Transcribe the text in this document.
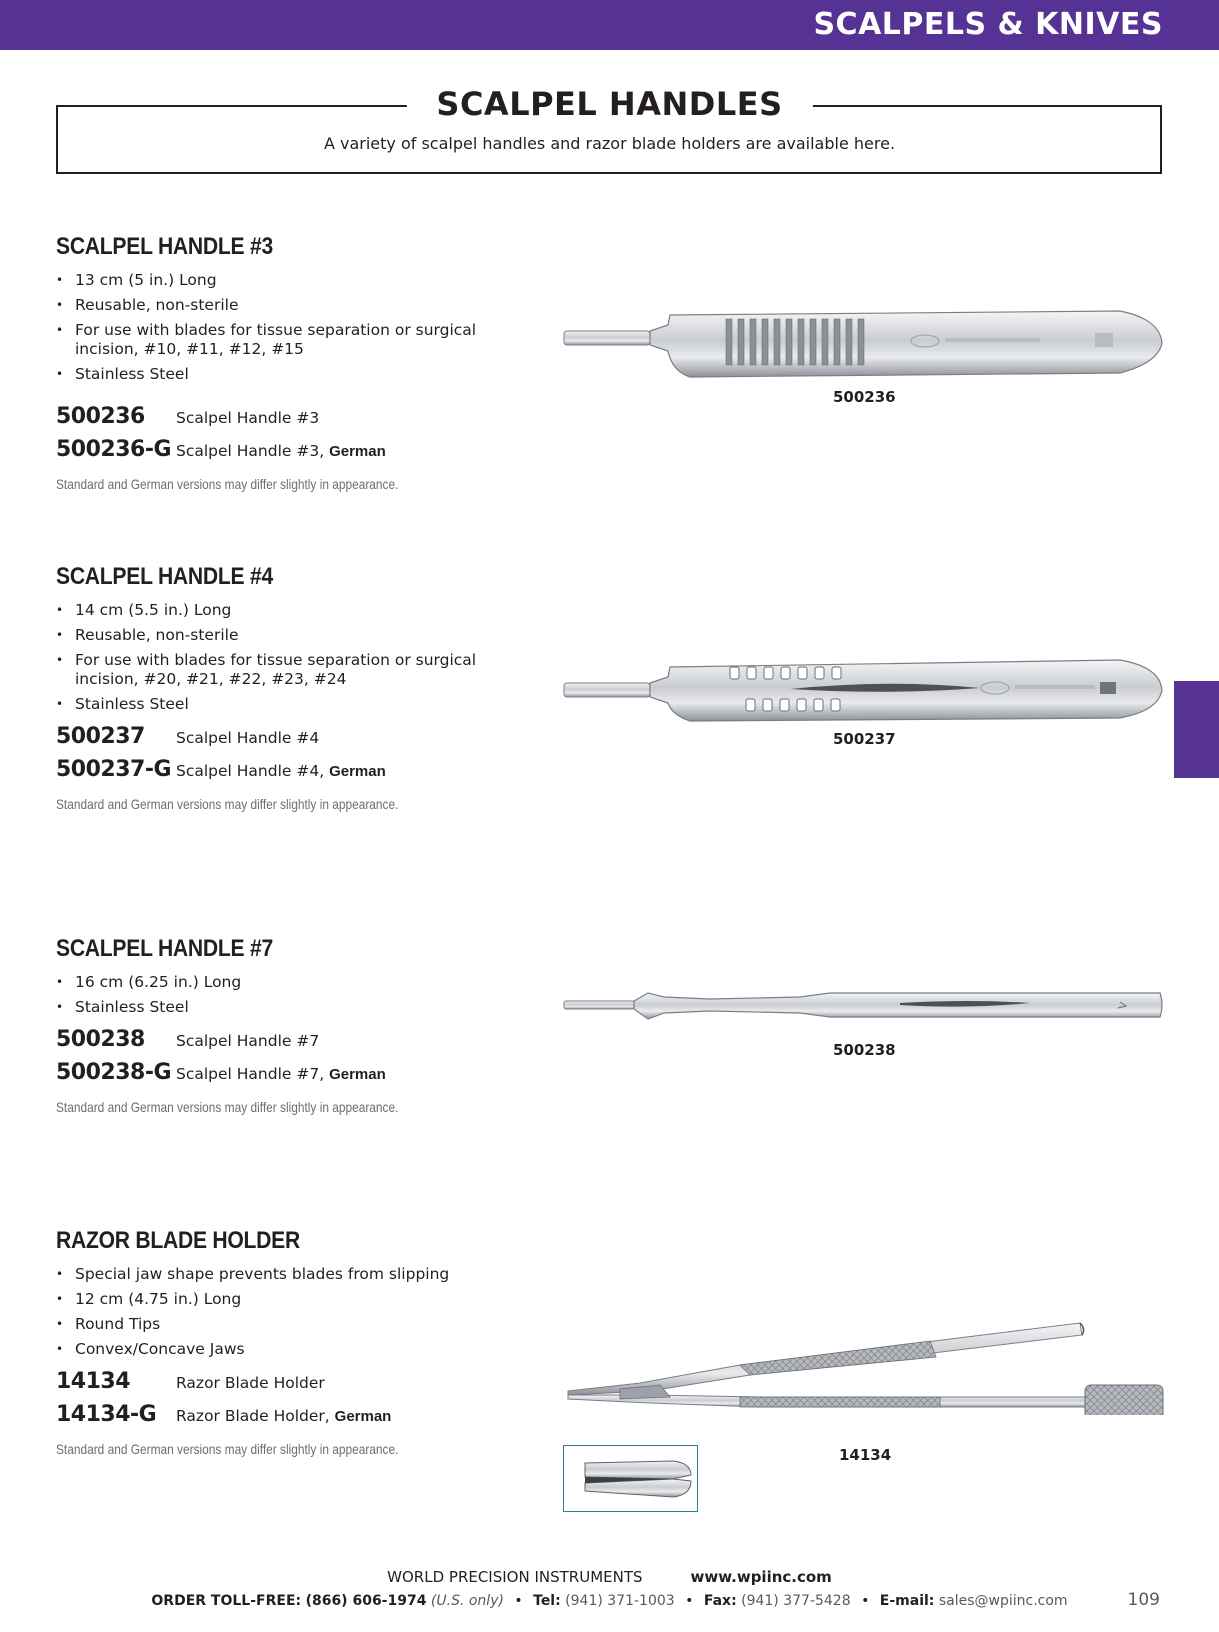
SCALPELS & KNIVES
SCALPEL HANDLES
A variety of scalpel handles and razor blade holders are available here.
SCALPEL HANDLE #3
• 13 cm (5 in.) Long
• Reusable, non-sterile
• For use with blades for tissue separation or surgical incision, #10, #11, #12, #15
• Stainless Steel
500236	Scalpel Handle #3
500236-G Scalpel Handle #3, German
Standard and German versions may differ slightly in appearance.
SCALPEL HANDLE #4
• 14 cm (5.5 in.) Long
• Reusable, non-sterile
• For use with blades for tissue separation or surgical incision, #20, #21, #22, #23, #24
• Stainless Steel
500237	Scalpel Handle #4
500237-G Scalpel Handle #4, German
Standard and German versions may differ slightly in appearance.
SCALPEL HANDLE #7
• 16 cm (6.25 in.) Long
• Stainless Steel
500238	Scalpel Handle #7
500238-G Scalpel Handle #7, German
Standard and German versions may differ slightly in appearance.
RAZOR BLADE HOLDER
• Special jaw shape prevents blades from slipping
• 12 cm (4.75 in.) Long
• Round Tips
• Convex/Concave Jaws
14134	Razor Blade Holder
14134-G	Razor Blade Holder, German
Standard and German versions may differ slightly in appearance.
500236
500237
500238
14134
WORLD PRECISION INSTRUMENTS	www.wpiinc.com
ORDER TOLL-FREE: (866) 606-1974 (U.S. only) • Tel: (941) 371-1003 • Fax: (941) 377-5428 • E-mail: sales@wpiinc.com	109
